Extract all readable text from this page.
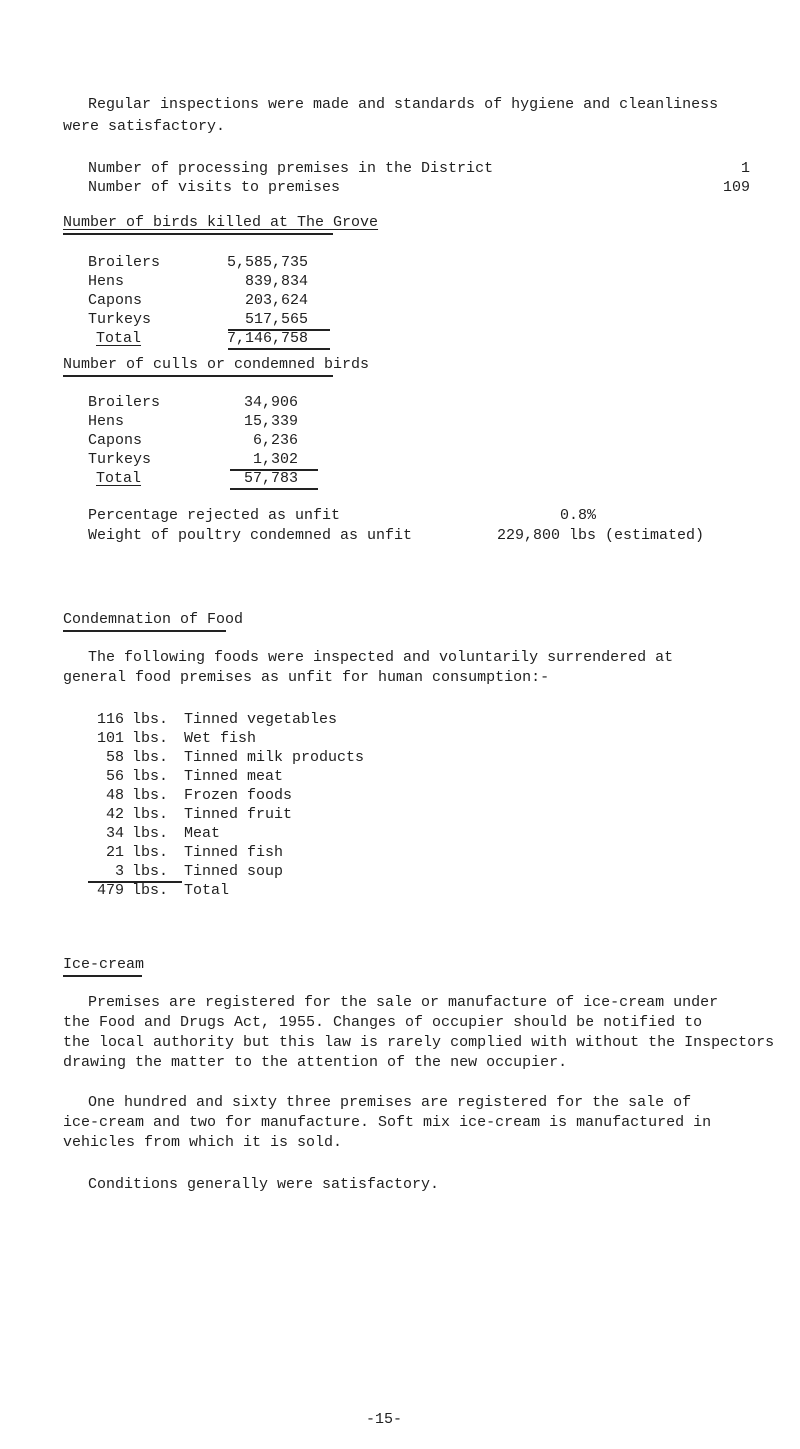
Regular inspections were made and standards of hygiene and cleanliness
were satisfactory.
Number of processing premises in the District	1
Number of visits to premises	109
Number of birds killed at The Grove
Broilers	5,585,735
Hens	839,834
Capons	203,624
Turkeys	517,565
Total	7,146,758
Number of culls or condemned birds
Broilers	34,906
Hens	15,339
Capons	6,236
Turkeys	1,302
Total	57,783
Percentage rejected as unfit	0.8%
Weight of poultry condemned as unfit	229,800 lbs (estimated)
Condemnation of Food
The following foods were inspected and voluntarily surrendered at
general food premises as unfit for human consumption:-
116 lbs. Tinned vegetables
101 lbs. Wet fish
58 lbs. Tinned milk products
56 lbs. Tinned meat
48 lbs. Frozen foods
42 lbs. Tinned fruit
34 lbs. Meat
21 lbs. Tinned fish
3 lbs. Tinned soup
479 lbs. Total
Ice-cream
Premises are registered for the sale or manufacture of ice-cream under
the Food and Drugs Act, 1955. Changes of occupier should be notified to
the local authority but this law is rarely complied with without the Inspectors
drawing the matter to the attention of the new occupier.
One hundred and sixty three premises are registered for the sale of
ice-cream and two for manufacture. Soft mix ice-cream is manufactured in
vehicles from which it is sold.
Conditions generally were satisfactory.
-15-
